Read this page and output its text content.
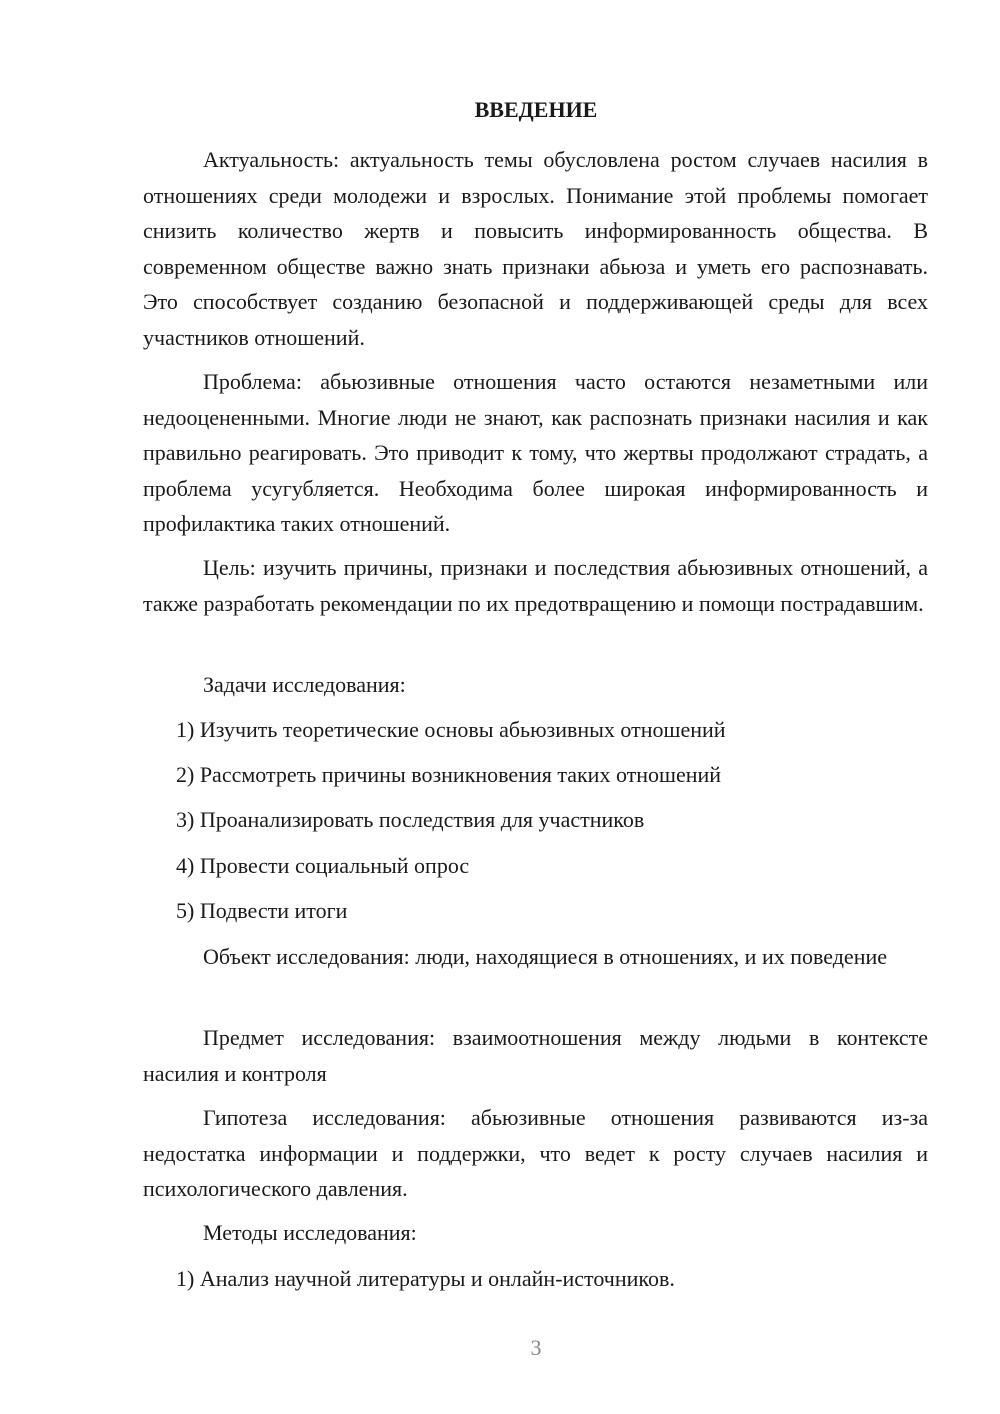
ВВЕДЕНИЕ

Актуальность: актуальность темы обусловлена ростом случаев насилия в отношениях среди молодежи и взрослых. Понимание этой проблемы помогает снизить количество жертв и повысить информированность общества. В современном обществе важно знать признаки абьюза и уметь его распознавать. Это способствует созданию безопасной и поддерживающей среды для всех участников отношений.

Проблема: абьюзивные отношения часто остаются незаметными или недооцененными. Многие люди не знают, как распознать признаки насилия и как правильно реагировать. Это приводит к тому, что жертвы продолжают страдать, а проблема усугубляется. Необходима более широкая информированность и профилактика таких отношений.

Цель: изучить причины, признаки и последствия абьюзивных отношений, а также разработать рекомендации по их предотвращению и помощи пострадавшим.

Задачи исследования:

1) Изучить теоретические основы абьюзивных отношений

2) Рассмотреть причины возникновения таких отношений

3) Проанализировать последствия для участников

4) Провести социальный опрос

5) Подвести итоги

Объект исследования: люди, находящиеся в отношениях, и их поведение

Предмет исследования: взаимоотношения между людьми в контексте насилия и контроля

Гипотеза исследования: абьюзивные отношения развиваются из-за недостатка информации и поддержки, что ведет к росту случаев насилия и психологического давления.

Методы исследования:

1) Анализ научной литературы и онлайн-источников.

3
